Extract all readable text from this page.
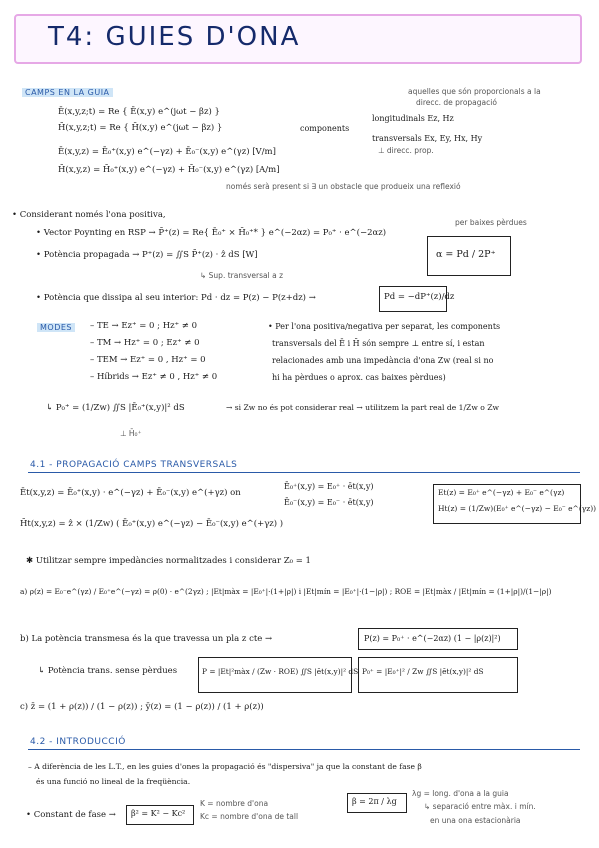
T4: GUIES D'ONA
CAMPS EN LA GUIA	aquelles que són proporcionals a la
direcc. de propagació
Ē(x,y,z;t) = Re { Ē(x,y) e^(jωt − βz) }
H̄(x,y,z;t) = Re { H̄(x,y) e^(jωt − βz) }	components
longitudinals Ez, Hz
transversals Ex, Ey, Hx, Hy
⊥ direcc. prop.
Ē(x,y,z) = Ē₀⁺(x,y) e^(−γz) + Ē₀⁻(x,y) e^(γz) [V/m]
H̄(x,y,z) = H̄₀⁺(x,y) e^(−γz) + H̄₀⁻(x,y) e^(γz) [A/m]
només serà present si ∃ un obstacle que produeix una reflexió
• Considerant només l'ona positiva,
per baixes pèrdues
• Vector Poynting en RSP → P̄⁺(z) = Re{ Ē₀⁺ × H̄₀⁺* } e^(−2αz) = P₀⁺ · e^(−2αz)
α = Pd / 2P⁺
• Potència propagada → P⁺(z) = ∬S P̄⁺(z) · ẑ dS [W]
↳ Sup. transversal a z
• Potència que dissipa al seu interior: Pd · dz = P(z) − P(z+dz) →	Pd = −dP⁺(z)/dz
MODES	– TE → Ez⁺ = 0 ; Hz⁺ ≠ 0
– TM → Hz⁺ = 0 ; Ez⁺ ≠ 0
– TEM → Ez⁺ = 0 , Hz⁺ = 0
– Híbrids → Ez⁺ ≠ 0 , Hz⁺ ≠ 0
• Per l'ona positiva/negativa per separat, les components
transversals del Ē i H̄ són sempre ⊥ entre sí, i estan
relacionades amb una impedància d'ona Zw (real si no
hi ha pèrdues o aprox. cas baixes pèrdues)
↳ P₀⁺ = (1/Zw) ∬S |Ē₀⁺(x,y)|² dS	→ si Zw no és pot considerar real → utilitzem la part real de 1/Zw o Zw
⊥ H̄₀⁺
4.1 - PROPAGACIÓ CAMPS TRANSVERSALS
Ēt(x,y,z) = Ē₀⁺(x,y) · e^(−γz) + Ē₀⁻(x,y) e^(+γz) on
Ē₀⁺(x,y) = E₀⁺ · ēt(x,y)
Ē₀⁻(x,y) = E₀⁻ · ēt(x,y)
Et(z) = E₀⁺ e^(−γz) + E₀⁻ e^(γz)
Ht(z) = (1/Zw)(E₀⁺ e^(−γz) − E₀⁻ e^(γz))
H̄t(x,y,z) = ẑ × (1/Zw) ( Ē₀⁺(x,y) e^(−γz) − Ē₀⁻(x,y) e^(+γz) )
✱ Utilitzar sempre impedàncies normalitzades i considerar Z₀ = 1
a) ρ(z) = E₀⁻e^(γz) / E₀⁺e^(−γz) = ρ(0) · e^(2γz) ; |Et|màx = |E₀⁺|·(1+|ρ|) i |Et|mín = |E₀⁺|·(1−|ρ|) ; ROE = |Et|màx / |Et|mín = (1+|ρ|)/(1−|ρ|)
b) La potència transmesa és la que travessa un pla z cte →	P(z) = P₀⁺ · e^(−2αz) (1 − |ρ(z)|²)
↳ Potència trans. sense pèrdues	P = |Et|²màx / (Zw · ROE) ∬S |ēt(x,y)|² dS P₀⁺ = |E₀⁺|² / Zw ∬S |ēt(x,y)|² dS
c) z̄ = (1 + ρ(z)) / (1 − ρ(z)) ; ȳ(z) = (1 − ρ(z)) / (1 + ρ(z))
4.2 - INTRODUCCIÓ
– A diferència de les L.T., en les guies d'ones la propagació és "dispersiva" ja que la constant de fase β
és una funció no lineal de la freqüència.
• Constant de fase → β² = K² − Kc²
K = nombre d'ona
Kc = nombre d'ona de tall
β = 2π / λg
λg = long. d'ona a la guia
↳ separació entre màx. i mín.
en una ona estacionària
